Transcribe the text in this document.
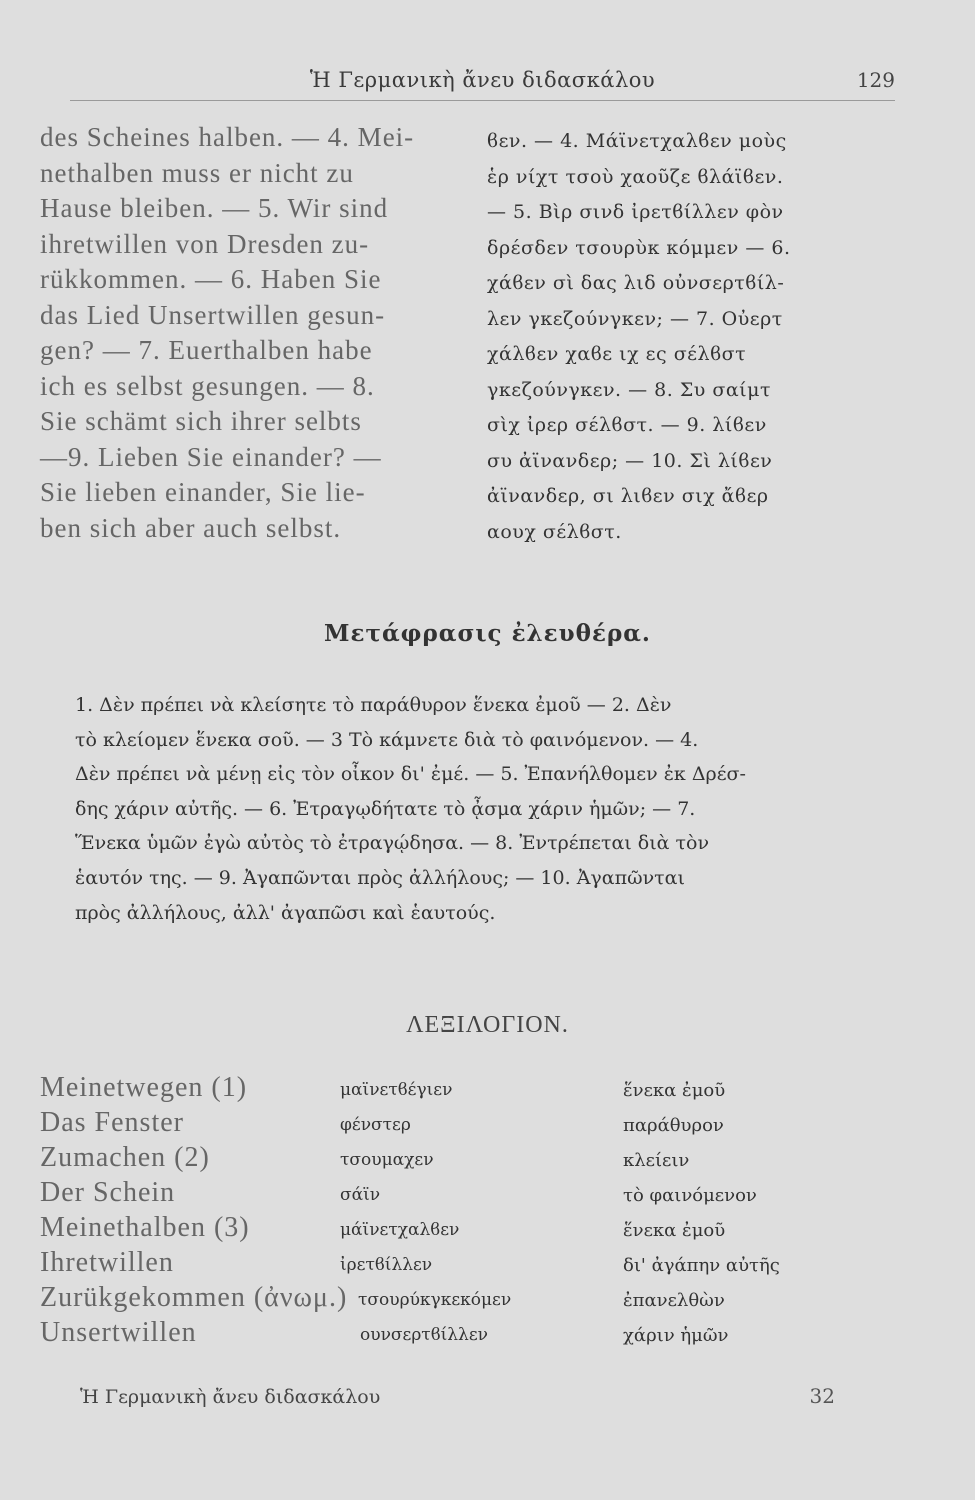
Ἡ Γερμανικὴ ἄνευ διδασκάλου	129
des Scheines halben. — 4. Mei-
nethalben muss er nicht zu
Hause bleiben. — 5. Wir sind
ihretwillen von Dresden zu-
rükkommen. — 6. Haben Sie
das Lied Unsertwillen gesun-
gen? — 7. Euerthalben habe
ich es selbst gesungen. — 8.
Sie schämt sich ihrer selbts
—9. Lieben Sie einander? —
Sie lieben einander, Sie lie-
ben sich aber auch selbst.
ϐεν. — 4. Μάϊνετχαλϐεν μοὺς
ἑρ νίχτ τσοὺ χαοῦζε ϐλάϊϐεν.
— 5. Βὶρ σινδ ἰρετϐίλλεν φὸν
δρέσδεν τσουρὺκ κόμμεν — 6.
χάϐεν σὶ δας λιδ οὐνσερτϐίλ-
λεν γκεζούνγκεν; — 7. Οὐερτ
χάλϐεν χαϐε ιχ ες σέλϐστ
γκεζούνγκεν. — 8. Συ σαίμτ
σὶχ ἰρερ σέλϐστ. — 9. λίϐεν
συ ἀϊνανδερ; — 10. Σὶ λίϐεν
ἀϊνανδερ, σι λιϐεν σιχ ἄϐερ
αουχ σέλϐστ.
Μετάφρασις ἐλευθέρα.
1. Δὲν πρέπει νὰ κλείσητε τὸ παράθυρον ἕνεκα ἐμοῦ — 2. Δὲν
τὸ κλείομεν ἕνεκα σοῦ. — 3 Τὸ κάμνετε διὰ τὸ φαινόμενον. — 4.
Δὲν πρέπει νὰ μένῃ εἰς τὸν οἶκον δι' ἐμέ. — 5. Ἐπανήλθομεν ἐκ Δρέσ-
δης χάριν αὐτῆς. — 6. Ἐτραγῳδήτατε τὸ ᾆσμα χάριν ἡμῶν; — 7.
Ἕνεκα ὑμῶν ἐγὼ αὐτὸς τὸ ἐτραγῴδησα. — 8. Ἐντρέπεται διὰ τὸν
ἑαυτόν της. — 9. Ἀγαπῶνται πρὸς ἀλλήλους; — 10. Ἀγαπῶνται
πρὸς ἀλλήλους, ἀλλ' ἀγαπῶσι καὶ ἑαυτούς.
ΛΕΞΙΛΟΓΙΟΝ.
Meinetwegen (1)	μαϊνετϐέγιεν	ἕνεκα ἐμοῦ
Das Fenster	φένστερ	παράθυρον
Zumachen (2)	τσουμαχεν	κλείειν
Der Schein	σάϊν	τὸ φαινόμενον
Meinethalben (3)	μάϊνετχαλϐεν	ἕνεκα ἐμοῦ
Ihretwillen	ἰρετϐίλλεν	δι' ἀγάπην αὐτῆς
Zurükgekommen (ἀνωμ.) τσουρύκγκεκόμεν	ἐπανελθὼν
Unsertwillen	ουνσερτϐίλλεν	χάριν ἡμῶν
Ἡ Γερμανικὴ ἄνευ διδασκάλου	32
